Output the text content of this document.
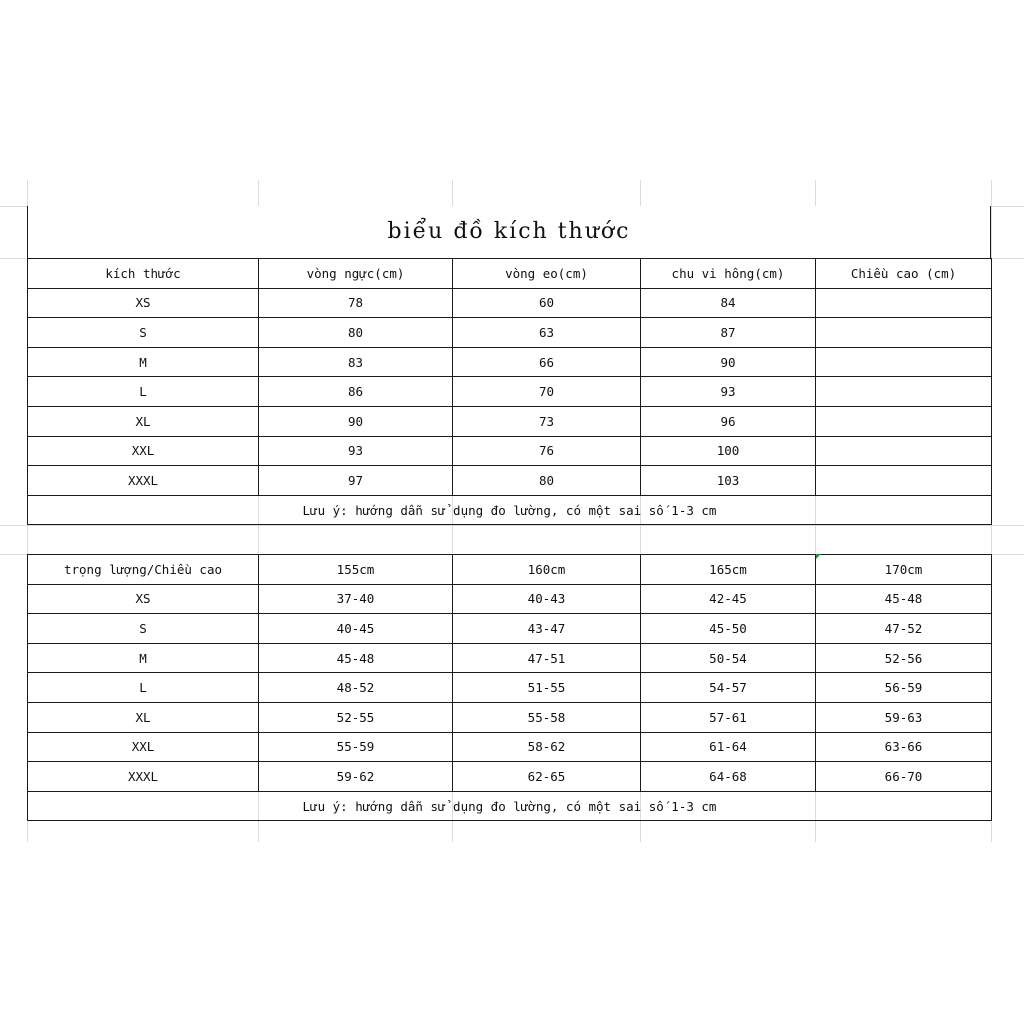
biểu đồ kích thước
kích thước	vòng ngực(cm)	vòng eo(cm)	chu vi hông(cm)	Chiều cao (cm)
XS	78	60	84	
S	80	63	87	
M	83	66	90	
L	86	70	93	
XL	90	73	96	
XXL	93	76	100	
XXXL	97	80	103	
Lưu ý: hướng dẫn sử dụng đo lường, có một sai số 1-3 cm				
trọng lượng/Chiều cao	155cm	160cm	165cm	170cm
XS	37-40	40-43	42-45	45-48
S	40-45	43-47	45-50	47-52
M	45-48	47-51	50-54	52-56
L	48-52	51-55	54-57	56-59
XL	52-55	55-58	57-61	59-63
XXL	55-59	58-62	61-64	63-66
XXXL	59-62	62-65	64-68	66-70
Lưu ý: hướng dẫn sử dụng đo lường, có một sai số 1-3 cm				
